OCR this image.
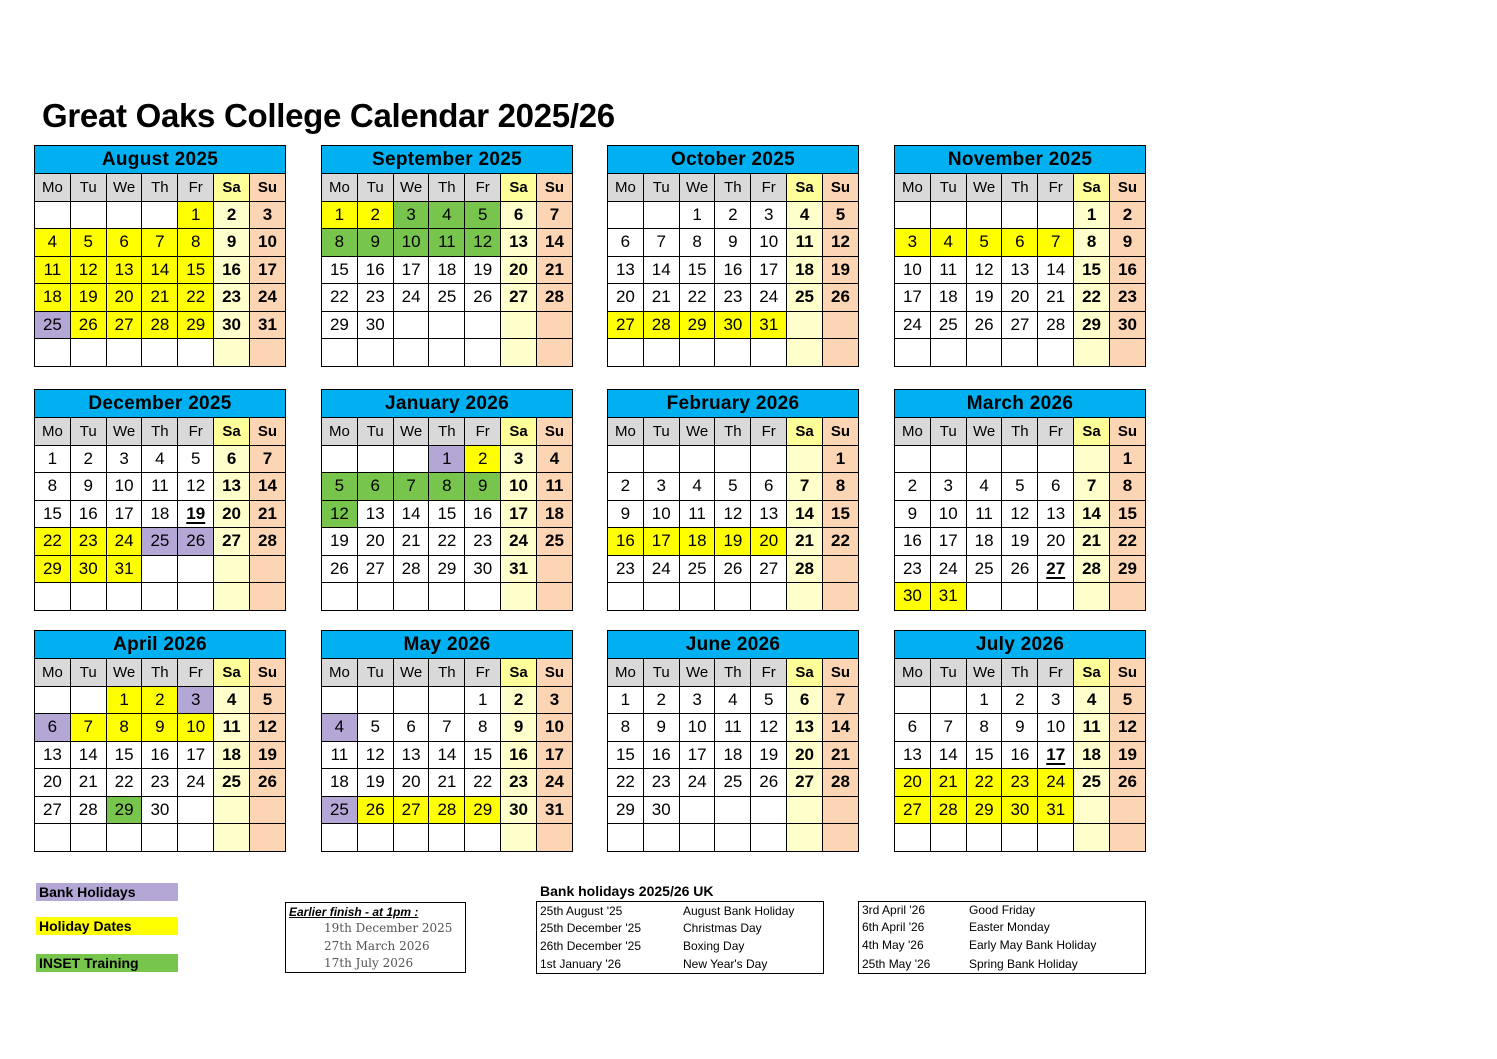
Great Oaks College Calendar 2025/26
August 2025						
Mo	Tu	We	Th	Fr	Sa	Su
				1	2	3
4	5	6	7	8	9	10
11	12	13	14	15	16	17
18	19	20	21	22	23	24
25	26	27	28	29	30	31

September 2025						
Mo	Tu	We	Th	Fr	Sa	Su
1	2	3	4	5	6	7
8	9	10	11	12	13	14
15	16	17	18	19	20	21
22	23	24	25	26	27	28
29	30					

October 2025						
Mo	Tu	We	Th	Fr	Sa	Su
		1	2	3	4	5
6	7	8	9	10	11	12
13	14	15	16	17	18	19
20	21	22	23	24	25	26
27	28	29	30	31		

November 2025						
Mo	Tu	We	Th	Fr	Sa	Su
					1	2
3	4	5	6	7	8	9
10	11	12	13	14	15	16
17	18	19	20	21	22	23
24	25	26	27	28	29	30

December 2025						
Mo	Tu	We	Th	Fr	Sa	Su
1	2	3	4	5	6	7
8	9	10	11	12	13	14
15	16	17	18	19	20	21
22	23	24	25	26	27	28
29	30	31				

January 2026						
Mo	Tu	We	Th	Fr	Sa	Su
			1	2	3	4
5	6	7	8	9	10	11
12	13	14	15	16	17	18
19	20	21	22	23	24	25
26	27	28	29	30	31	

February 2026						
Mo	Tu	We	Th	Fr	Sa	Su
						1
2	3	4	5	6	7	8
9	10	11	12	13	14	15
16	17	18	19	20	21	22
23	24	25	26	27	28	

March 2026						
Mo	Tu	We	Th	Fr	Sa	Su
						1
2	3	4	5	6	7	8
9	10	11	12	13	14	15
16	17	18	19	20	21	22
23	24	25	26	27	28	29
30	31					
April 2026						
Mo	Tu	We	Th	Fr	Sa	Su
		1	2	3	4	5
6	7	8	9	10	11	12
13	14	15	16	17	18	19
20	21	22	23	24	25	26
27	28	29	30			

May 2026						
Mo	Tu	We	Th	Fr	Sa	Su
				1	2	3
4	5	6	7	8	9	10
11	12	13	14	15	16	17
18	19	20	21	22	23	24
25	26	27	28	29	30	31

June 2026						
Mo	Tu	We	Th	Fr	Sa	Su
1	2	3	4	5	6	7
8	9	10	11	12	13	14
15	16	17	18	19	20	21
22	23	24	25	26	27	28
29	30					

July 2026						
Mo	Tu	We	Th	Fr	Sa	Su
		1	2	3	4	5
6	7	8	9	10	11	12
13	14	15	16	17	18	19
20	21	22	23	24	25	26
27	28	29	30	31		

Bank Holidays
Holiday Dates
INSET Training
Earlier finish - at 1pm :
19th December 2025
27th March 2026
17th July 2026
Bank holidays 2025/26 UK
25th August '25	August Bank Holiday
25th December '25	Christmas Day
26th December '25	Boxing Day
1st January '26	New Year's Day
3rd April '26	Good Friday
6th April '26	Easter Monday
4th May '26	Early May Bank Holiday
25th May '26	Spring Bank Holiday
